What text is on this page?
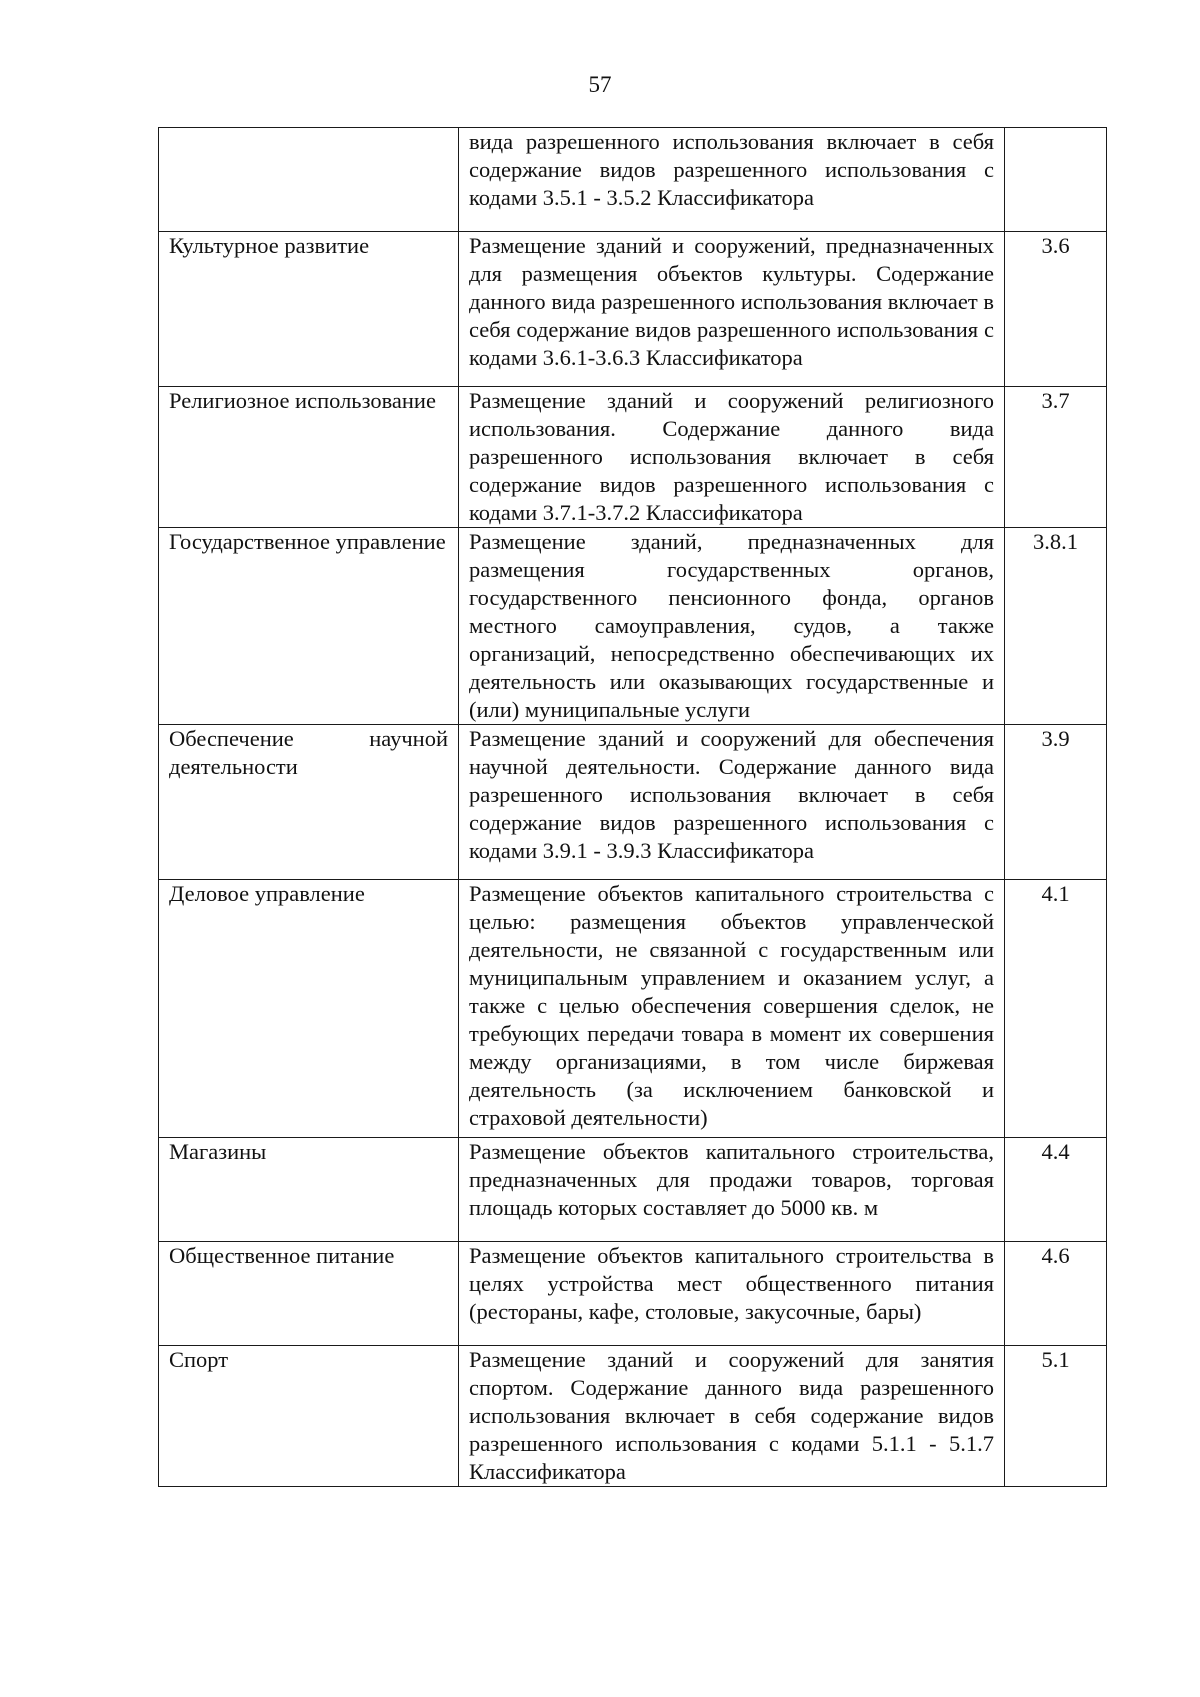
57
	вида разрешенного использования включает в себя содержание видов разрешенного использования с кодами 3.5.1 - 3.5.2 Классификатора	
Культурное развитие	Размещение зданий и сооружений, предназначенных для размещения объектов культуры. Содержание данного вида разрешенного использования включает в себя содержание видов разрешенного использования с кодами 3.6.1-3.6.3 Классификатора	3.6
Религиозное использование	Размещение зданий и сооружений религиозного использования. Содержание данного вида разрешенного использования включает в себя содержание видов разрешенного использования с кодами 3.7.1-3.7.2 Классификатора	3.7
Государственное управление	Размещение зданий, предназначенных для размещения государственных органов, государственного пенсионного фонда, органов местного самоуправления, судов, а также организаций, непосредственно обеспечивающих их деятельность или оказывающих государственные и (или) муниципальные услуги	3.8.1
Обеспечение научной деятельности	Размещение зданий и сооружений для обеспечения научной деятельности. Содержание данного вида разрешенного использования включает в себя содержание видов разрешенного использования с кодами 3.9.1 - 3.9.3 Классификатора	3.9
Деловое управление	Размещение объектов капитального строительства с целью: размещения объектов управленческой деятельности, не связанной с государственным или муниципальным управлением и оказанием услуг, а также с целью обеспечения совершения сделок, не требующих передачи товара в момент их совершения между организациями, в том числе биржевая деятельность (за исключением банковской и страховой деятельности)	4.1
Магазины	Размещение объектов капитального строительства, предназначенных для продажи товаров, торговая площадь которых составляет до 5000 кв. м	4.4
Общественное питание	Размещение объектов капитального строительства в целях устройства мест общественного питания (рестораны, кафе, столовые, закусочные, бары)	4.6
Спорт	Размещение зданий и сооружений для занятия спортом. Содержание данного вида разрешенного использования включает в себя содержание видов разрешенного использования с кодами 5.1.1 - 5.1.7 Классификатора	5.1
